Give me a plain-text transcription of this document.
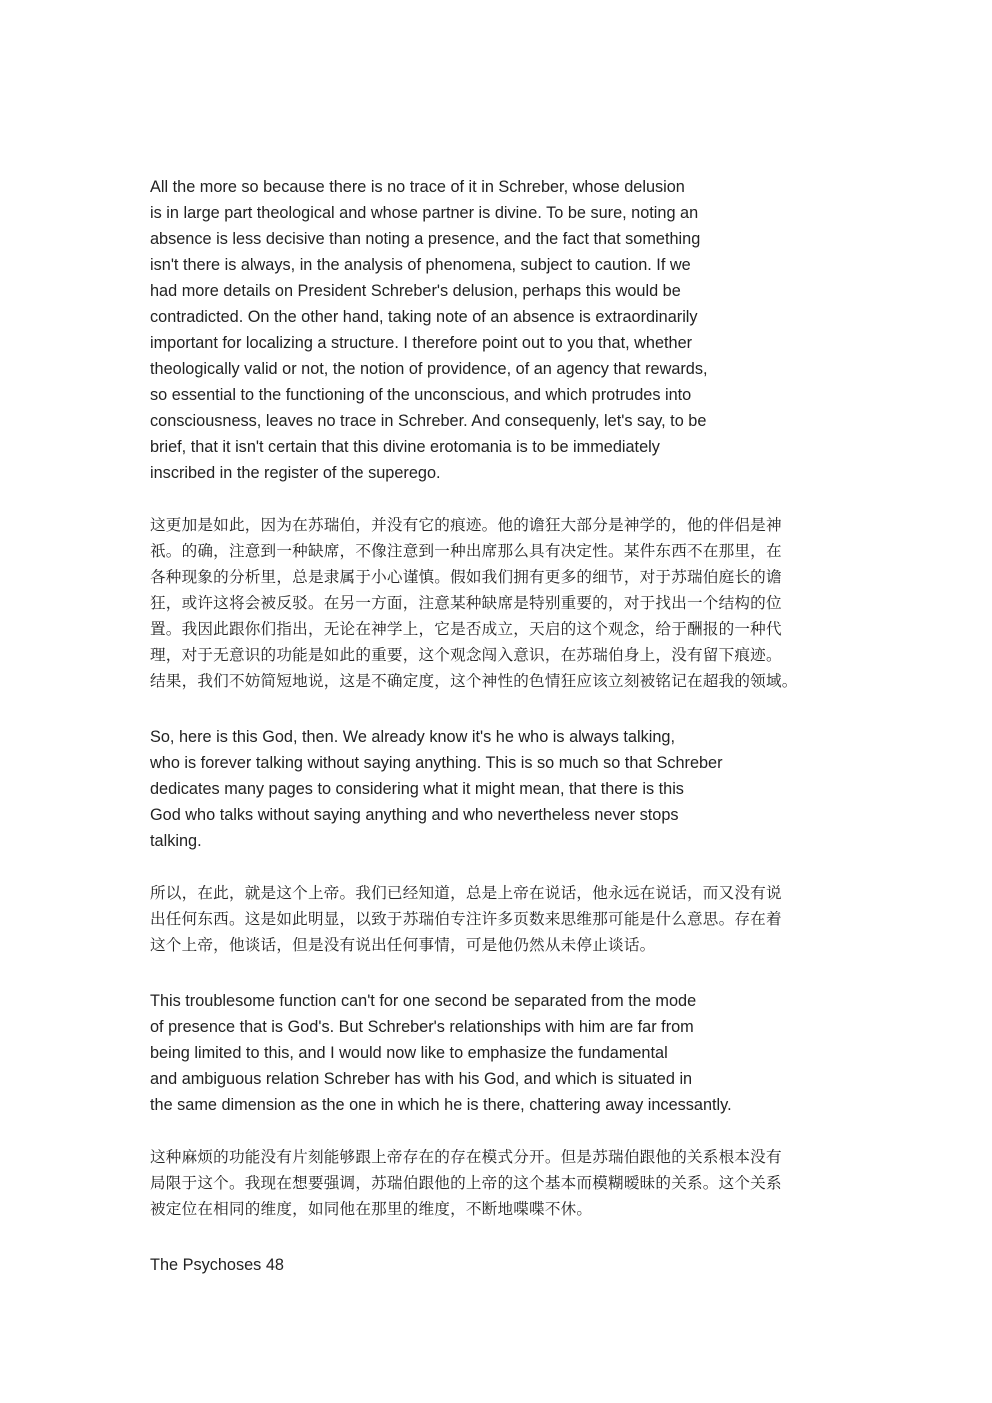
All the more so because there is no trace of it in Schreber, whose delusion
is in large part theological and whose partner is divine. To be sure, noting an
absence is less decisive than noting a presence, and the fact that something
isn't there is always, in the analysis of phenomena, subject to caution. If we
had more details on President Schreber's delusion, perhaps this would be
contradicted. On the other hand, taking note of an absence is extraordinarily
important for localizing a structure. I therefore point out to you that, whether
theologically valid or not, the notion of providence, of an agency that rewards,
so essential to the functioning of the unconscious, and which protrudes into
consciousness, leaves no trace in Schreber. And consequenly, let's say, to be
brief, that it isn't certain that this divine erotomania is to be immediately
inscribed in the register of the superego.
这更加是如此，因为在苏瑞伯，并没有它的痕迹。他的谵狂大部分是神学的，他的伴侣是神
祇。的确，注意到一种缺席，不像注意到一种出席那么具有决定性。某件东西不在那里，在
各种现象的分析里，总是隶属于小心谨慎。假如我们拥有更多的细节，对于苏瑞伯庭长的谵
狂，或许这将会被反驳。在另一方面，注意某种缺席是特别重要的，对于找出一个结构的位
置。我因此跟你们指出，无论在神学上，它是否成立，天启的这个观念，给于酬报的一种代
理，对于无意识的功能是如此的重要，这个观念闯入意识，在苏瑞伯身上，没有留下痕迹。
结果，我们不妨简短地说，这是不确定度，这个神性的色情狂应该立刻被铭记在超我的领域。
So, here is this God, then. We already know it's he who is always talking,
who is forever talking without saying anything. This is so much so that Schreber
dedicates many pages to considering what it might mean, that there is this
God who talks without saying anything and who nevertheless never stops
talking.
所以，在此，就是这个上帝。我们已经知道，总是上帝在说话，他永远在说话，而又没有说
出任何东西。这是如此明显，以致于苏瑞伯专注许多页数来思维那可能是什么意思。存在着
这个上帝，他谈话，但是没有说出任何事情，可是他仍然从未停止谈话。
This troublesome function can't for one second be separated from the mode
of presence that is God's. But Schreber's relationships with him are far from
being limited to this, and I would now like to emphasize the fundamental
and ambiguous relation Schreber has with his God, and which is situated in
the same dimension as the one in which he is there, chattering away incessantly.
这种麻烦的功能没有片刻能够跟上帝存在的存在模式分开。但是苏瑞伯跟他的关系根本没有
局限于这个。我现在想要强调，苏瑞伯跟他的上帝的这个基本而模糊暧昧的关系。这个关系
被定位在相同的维度，如同他在那里的维度，不断地喋喋不休。

The Psychoses 48
